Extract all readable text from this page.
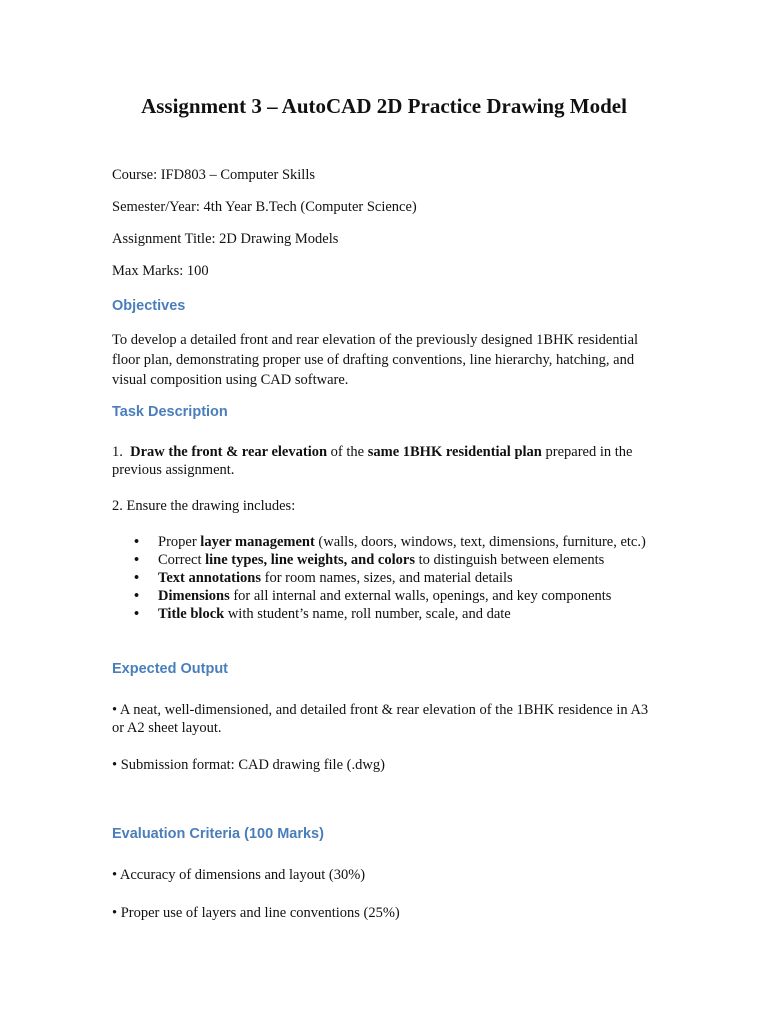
Assignment 3 – AutoCAD 2D Practice Drawing Model
Course: IFD803 – Computer Skills
Semester/Year: 4th Year B.Tech (Computer Science)
Assignment Title: 2D Drawing Models
Max Marks: 100
Objectives
To develop a detailed front and rear elevation of the previously designed 1BHK residential floor plan, demonstrating proper use of drafting conventions, line hierarchy, hatching, and visual composition using CAD software.
Task Description
1. Draw the front & rear elevation of the same 1BHK residential plan prepared in the previous assignment.
2. Ensure the drawing includes:
• Proper layer management (walls, doors, windows, text, dimensions, furniture, etc.)
• Correct line types, line weights, and colors to distinguish between elements
• Text annotations for room names, sizes, and material details
• Dimensions for all internal and external walls, openings, and key components
• Title block with student’s name, roll number, scale, and date
Expected Output
• A neat, well-dimensioned, and detailed front & rear elevation of the 1BHK residence in A3 or A2 sheet layout.
• Submission format: CAD drawing file (.dwg)
Evaluation Criteria (100 Marks)
• Accuracy of dimensions and layout (30%)
• Proper use of layers and line conventions (25%)
